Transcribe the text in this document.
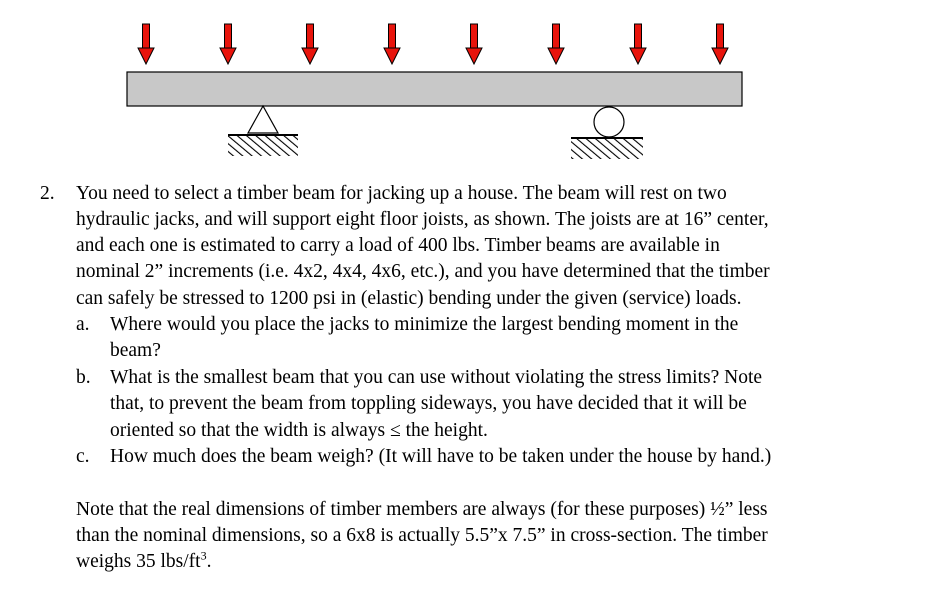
2. You need to select a timber beam for jacking up a house. The beam will rest on two
hydraulic jacks, and will support eight floor joists, as shown. The joists are at 16” center,
and each one is estimated to carry a load of 400 lbs. Timber beams are available in
nominal 2” increments (i.e. 4x2, 4x4, 4x6, etc.), and you have determined that the timber
can safely be stressed to 1200 psi in (elastic) bending under the given (service) loads.
a. Where would you place the jacks to minimize the largest bending moment in the
beam?
b. What is the smallest beam that you can use without violating the stress limits? Note
that, to prevent the beam from toppling sideways, you have decided that it will be
oriented so that the width is always ≤ the height.
c. How much does the beam weigh? (It will have to be taken under the house by hand.)
Note that the real dimensions of timber members are always (for these purposes) ½” less
than the nominal dimensions, so a 6x8 is actually 5.5”x 7.5” in cross-section. The timber
weighs 35 lbs/$ft^3$.
